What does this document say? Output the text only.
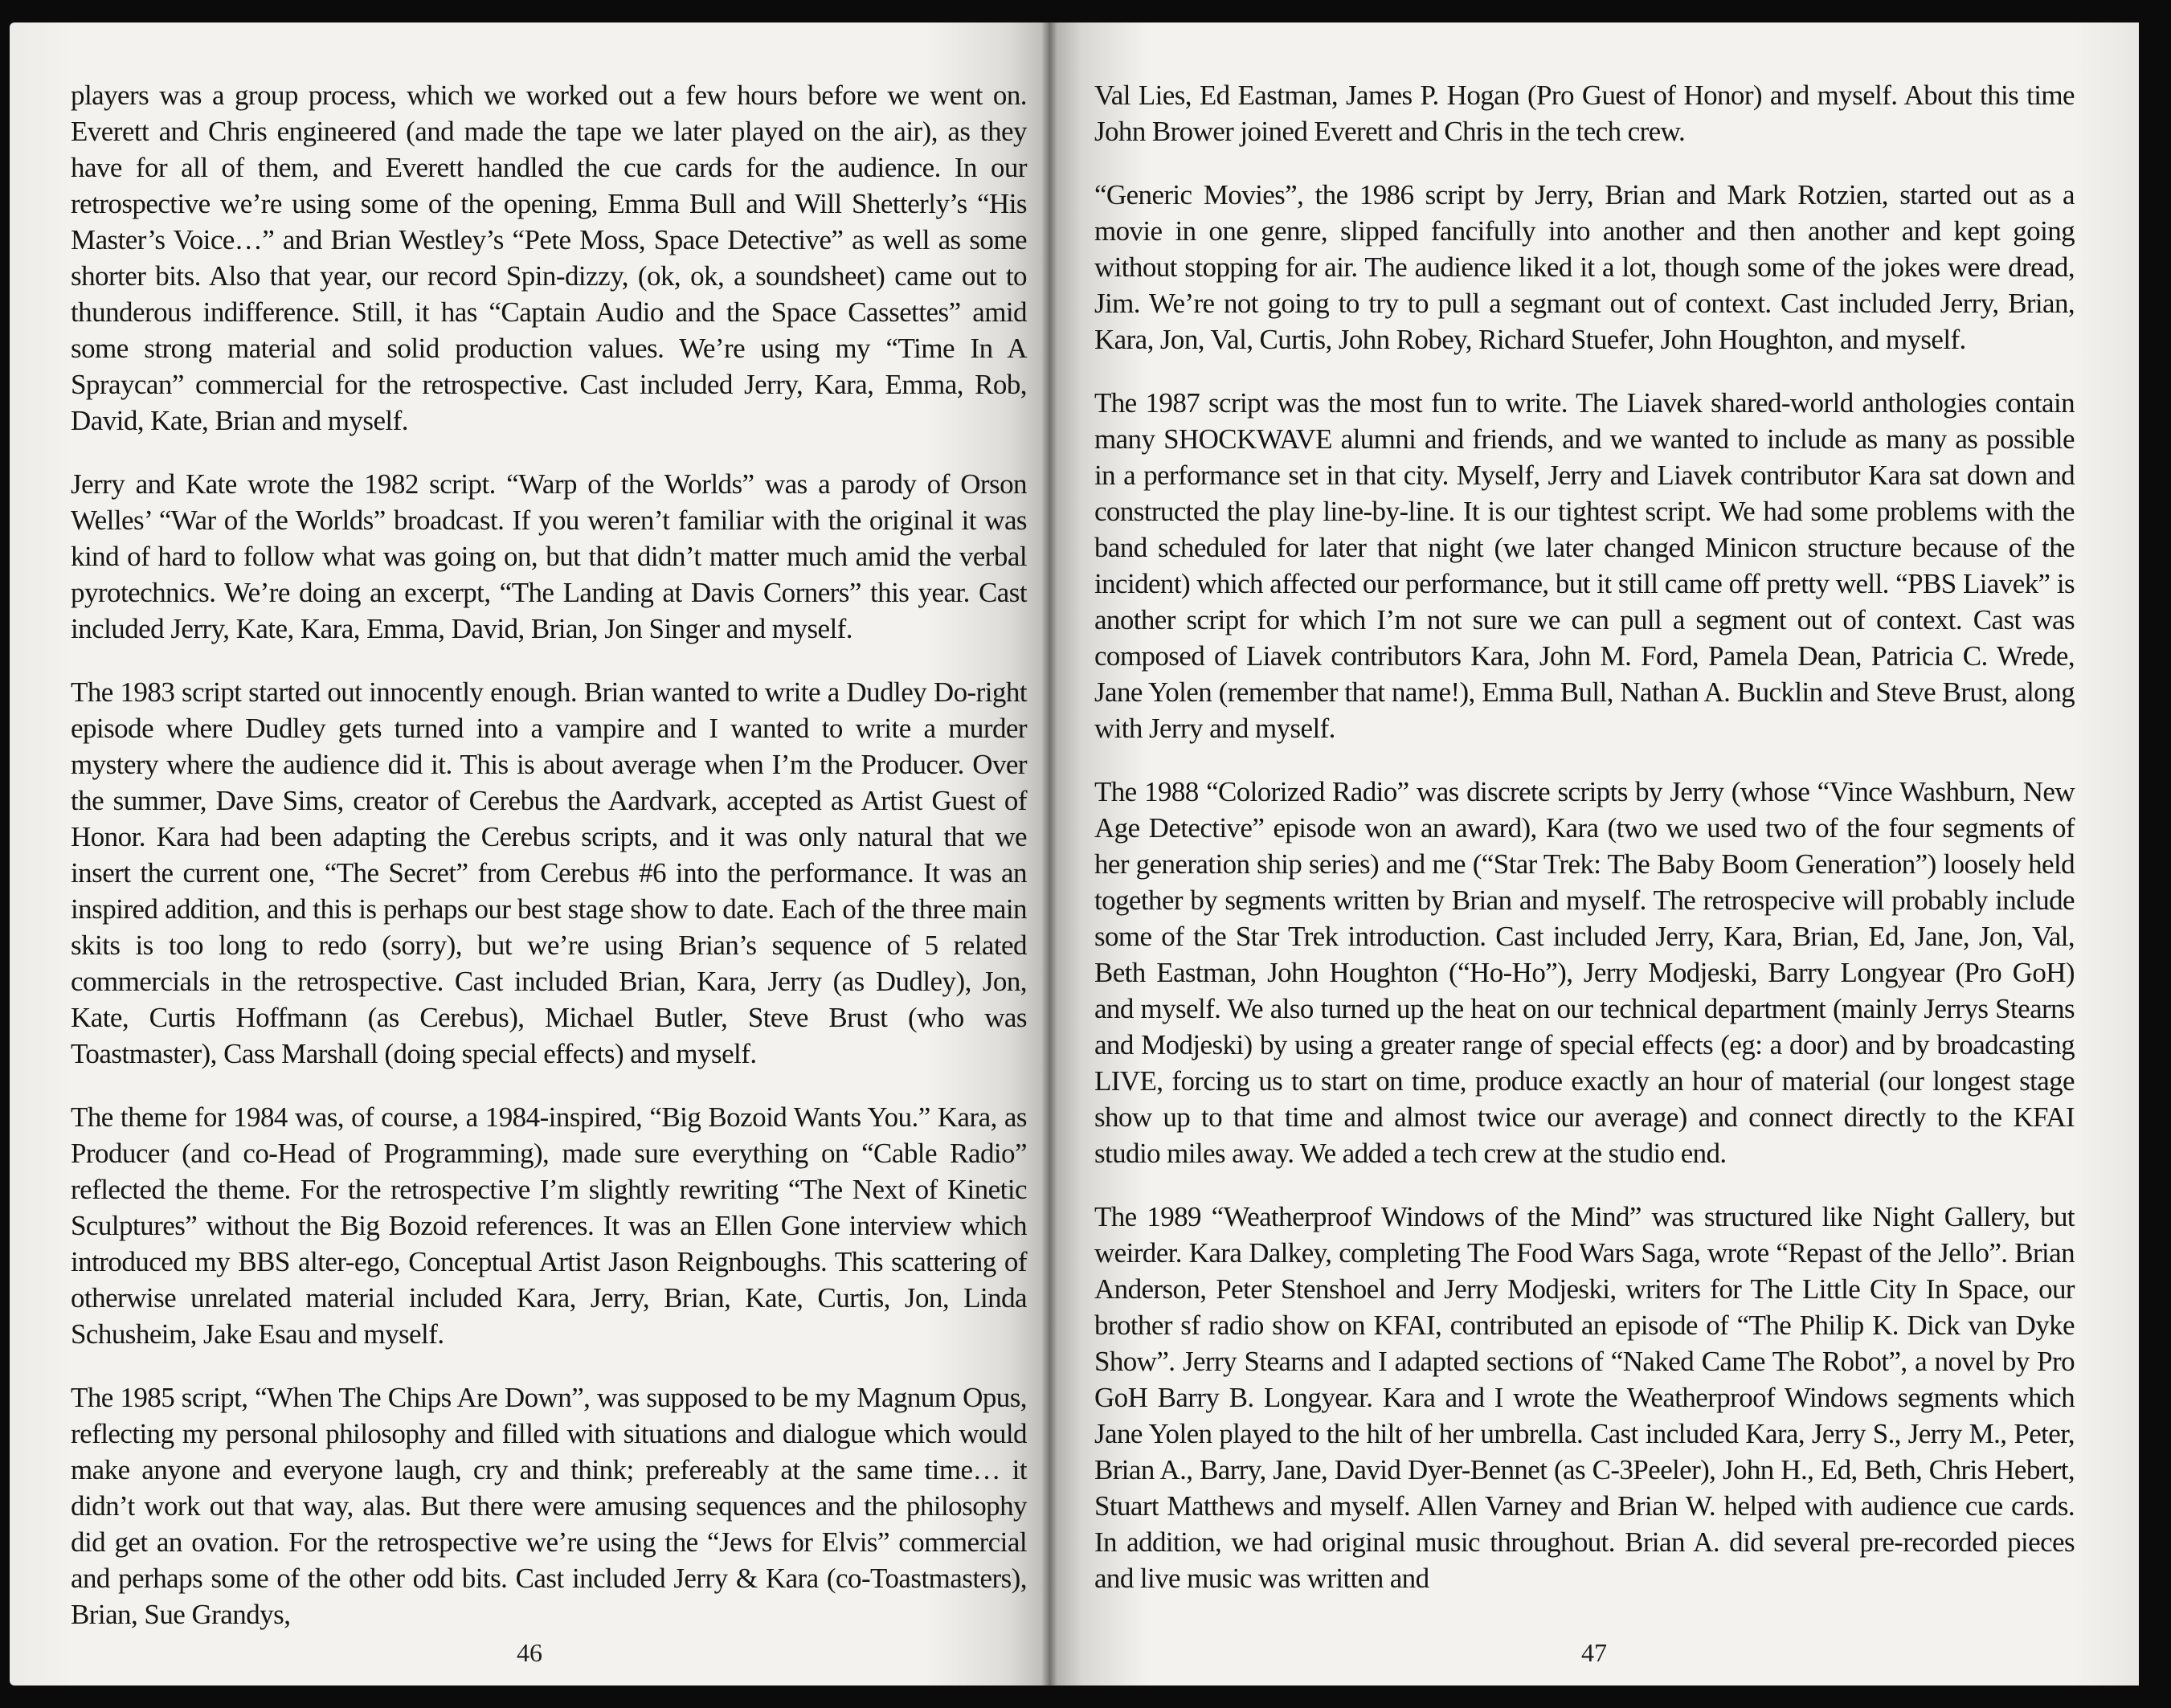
players was a group process, which we worked out a few hours before we went on. Everett and Chris engineered (and made the tape we later played on the air), as they have for all of them, and Everett handled the cue cards for the audience. In our retrospective we’re using some of the opening, Emma Bull and Will Shetterly’s “His Master’s Voice…” and Brian Westley’s “Pete Moss, Space Detective” as well as some shorter bits. Also that year, our record Spin-dizzy, (ok, ok, a soundsheet) came out to thunderous indifference. Still, it has “Captain Audio and the Space Cassettes” amid some strong material and solid production values. We’re using my “Time In A Spraycan” commercial for the retrospective. Cast included Jerry, Kara, Emma, Rob, David, Kate, Brian and myself.

Jerry and Kate wrote the 1982 script. “Warp of the Worlds” was a parody of Orson Welles’ “War of the Worlds” broadcast. If you weren’t familiar with the original it was kind of hard to follow what was going on, but that didn’t matter much amid the verbal pyrotechnics. We’re doing an excerpt, “The Landing at Davis Corners” this year. Cast included Jerry, Kate, Kara, Emma, David, Brian, Jon Singer and myself.

The 1983 script started out innocently enough. Brian wanted to write a Dudley Do-right episode where Dudley gets turned into a vampire and I wanted to write a murder mystery where the audience did it. This is about average when I’m the Producer. Over the summer, Dave Sims, creator of Cerebus the Aardvark, accepted as Artist Guest of Honor. Kara had been adapting the Cerebus scripts, and it was only natural that we insert the current one, “The Secret” from Cerebus #6 into the performance. It was an inspired addition, and this is perhaps our best stage show to date. Each of the three main skits is too long to redo (sorry), but we’re using Brian’s sequence of 5 related commercials in the retrospective. Cast included Brian, Kara, Jerry (as Dudley), Jon, Kate, Curtis Hoffmann (as Cerebus), Michael Butler, Steve Brust (who was Toastmaster), Cass Marshall (doing special effects) and myself.

The theme for 1984 was, of course, a 1984-inspired, “Big Bozoid Wants You.” Kara, as Producer (and co-Head of Programming), made sure everything on “Cable Radio” reflected the theme. For the retrospective I’m slightly rewriting “The Next of Kinetic Sculptures” without the Big Bozoid references. It was an Ellen Gone interview which introduced my BBS alter-ego, Conceptual Artist Jason Reignboughs. This scattering of otherwise unrelated material included Kara, Jerry, Brian, Kate, Curtis, Jon, Linda Schusheim, Jake Esau and myself.

The 1985 script, “When The Chips Are Down”, was supposed to be my Magnum Opus, reflecting my personal philosophy and filled with situations and dialogue which would make anyone and everyone laugh, cry and think; prefereably at the same time… it didn’t work out that way, alas. But there were amusing sequences and the philosophy did get an ovation. For the retrospective we’re using the “Jews for Elvis” commercial and perhaps some of the other odd bits. Cast included Jerry & Kara (co-Toastmasters), Brian, Sue Grandys,

46

Val Lies, Ed Eastman, James P. Hogan (Pro Guest of Honor) and myself. About this time John Brower joined Everett and Chris in the tech crew.

“Generic Movies”, the 1986 script by Jerry, Brian and Mark Rotzien, started out as a movie in one genre, slipped fancifully into another and then another and kept going without stopping for air. The audience liked it a lot, though some of the jokes were dread, Jim. We’re not going to try to pull a segmant out of context. Cast included Jerry, Brian, Kara, Jon, Val, Curtis, John Robey, Richard Stuefer, John Houghton, and myself.

The 1987 script was the most fun to write. The Liavek shared-world anthologies contain many SHOCKWAVE alumni and friends, and we wanted to include as many as possible in a performance set in that city. Myself, Jerry and Liavek contributor Kara sat down and constructed the play line-by-line. It is our tightest script. We had some problems with the band scheduled for later that night (we later changed Minicon structure because of the incident) which affected our performance, but it still came off pretty well. “PBS Liavek” is another script for which I’m not sure we can pull a segment out of context. Cast was composed of Liavek contributors Kara, John M. Ford, Pamela Dean, Patricia C. Wrede, Jane Yolen (remember that name!), Emma Bull, Nathan A. Bucklin and Steve Brust, along with Jerry and myself.

The 1988 “Colorized Radio” was discrete scripts by Jerry (whose “Vince Washburn, New Age Detective” episode won an award), Kara (two we used two of the four segments of her generation ship series) and me (“Star Trek: The Baby Boom Generation”) loosely held together by segments written by Brian and myself. The retrospecive will probably include some of the Star Trek introduction. Cast included Jerry, Kara, Brian, Ed, Jane, Jon, Val, Beth Eastman, John Houghton (“Ho-Ho”), Jerry Modjeski, Barry Longyear (Pro GoH) and myself. We also turned up the heat on our technical department (mainly Jerrys Stearns and Modjeski) by using a greater range of special effects (eg: a door) and by broadcasting LIVE, forcing us to start on time, produce exactly an hour of material (our longest stage show up to that time and almost twice our average) and connect directly to the KFAI studio miles away. We added a tech crew at the studio end.

The 1989 “Weatherproof Windows of the Mind” was structured like Night Gallery, but weirder. Kara Dalkey, completing The Food Wars Saga, wrote “Repast of the Jello”. Brian Anderson, Peter Stenshoel and Jerry Modjeski, writers for The Little City In Space, our brother sf radio show on KFAI, contributed an episode of “The Philip K. Dick van Dyke Show”. Jerry Stearns and I adapted sections of “Naked Came The Robot”, a novel by Pro GoH Barry B. Longyear. Kara and I wrote the Weatherproof Windows segments which Jane Yolen played to the hilt of her umbrella. Cast included Kara, Jerry S., Jerry M., Peter, Brian A., Barry, Jane, David Dyer-Bennet (as C-3Peeler), John H., Ed, Beth, Chris Hebert, Stuart Matthews and myself. Allen Varney and Brian W. helped with audience cue cards. In addition, we had original music throughout. Brian A. did several pre-recorded pieces and live music was written and

47
